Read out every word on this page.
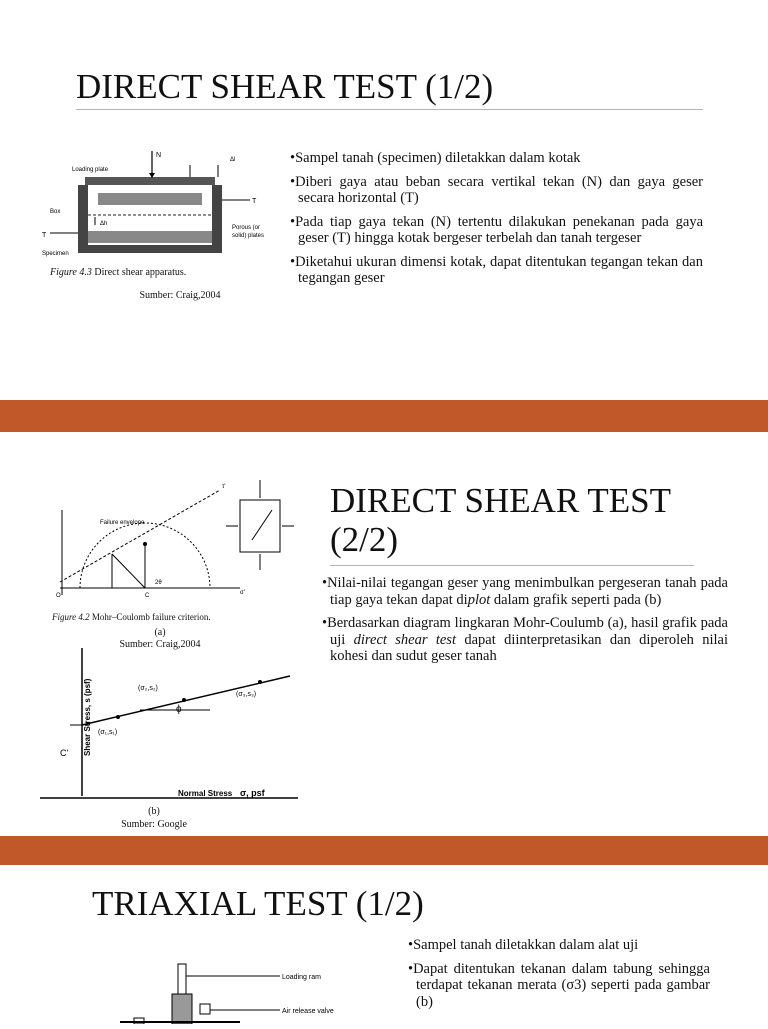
DIRECT SHEAR TEST (1/2)
N
Loading plate
Δl
T
Box
Δh
T
Porous (or
solid) plates
Specimen
Figure 4.3 Direct shear apparatus.
Sumber: Craig,2004
• Sampel tanah (specimen) diletakkan dalam kotak
• Diberi gaya atau beban secara vertikal tekan (N) dan gaya geser secara horizontal (T)
• Pada tiap gaya tekan (N) tertentu dilakukan penekanan pada gaya geser (T) hingga kotak bergeser terbelah dan tanah tergeser
• Diketahui ukuran dimensi kotak, dapat ditentukan tegangan tekan dan tegangan geser
Failure envelope
τ'
O	C	σ'
2θ
Figure 4.2 Mohr–Coulomb failure criterion.
(a)
Sumber: Craig,2004
Shear Stress, s (psf)
C'
ϕ
(σ₁,s₁)
(σ₂,s₂)
(σ₃,s₃)
Normal Stress σ, psf
(b)
Sumber: Google
DIRECT SHEAR TEST
(2/2)
• Nilai-nilai tegangan geser yang menimbulkan pergeseran tanah pada tiap gaya tekan dapat diplot dalam grafik seperti pada (b)
• Berdasarkan diagram lingkaran Mohr-Coulumb (a), hasil grafik pada uji direct shear test dapat diinterpretasikan dan diperoleh nilai kohesi dan sudut geser tanah
TRIAXIAL TEST (1/2)
Loading ram
Air release valve
• Sampel tanah diletakkan dalam alat uji
• Dapat ditentukan tekanan dalam tabung sehingga terdapat tekanan merata (σ3) seperti pada gambar (b)
